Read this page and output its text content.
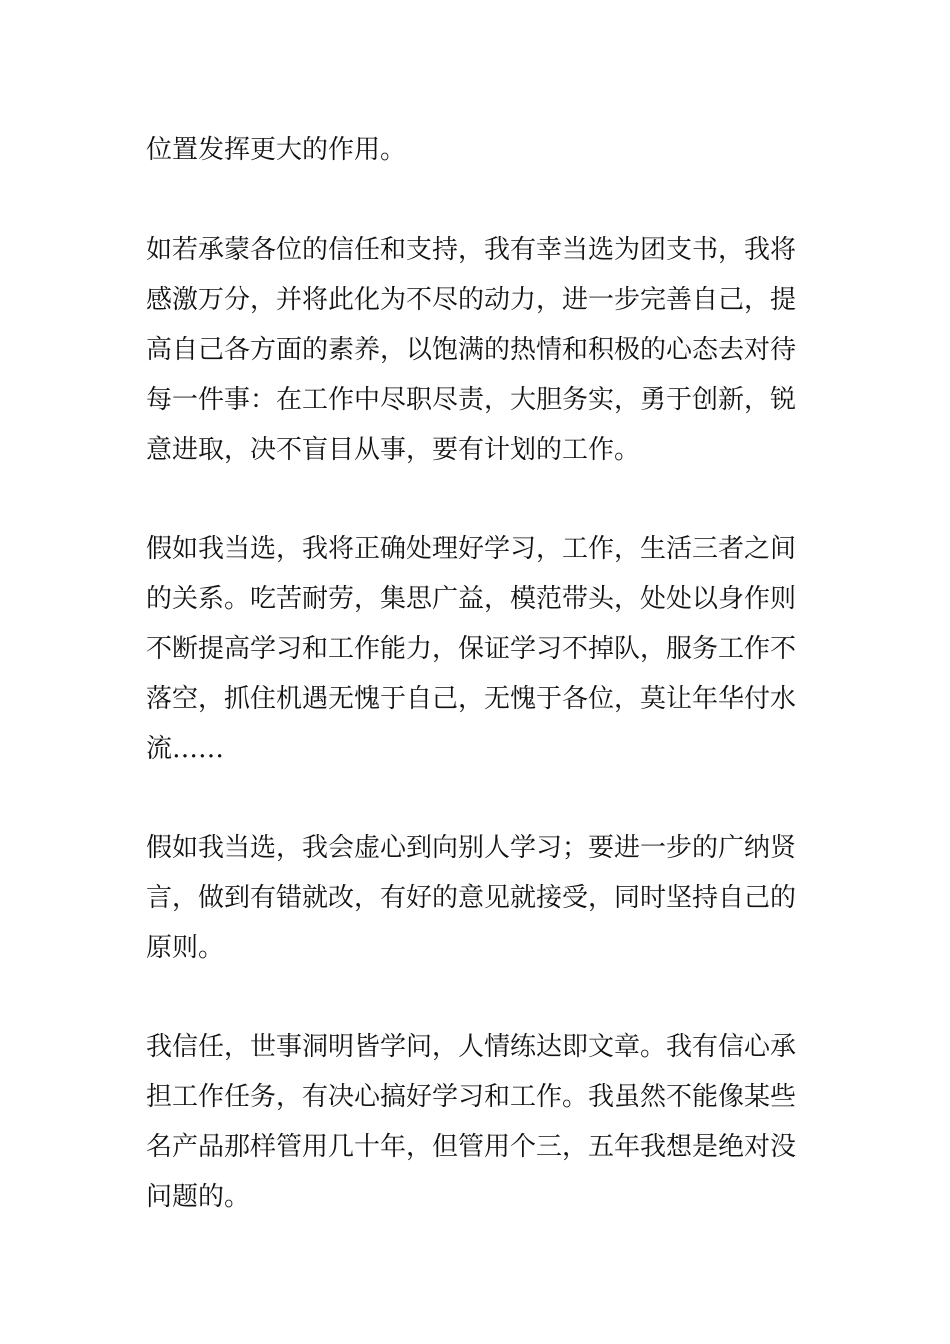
位置发挥更大的作用。
如若承蒙各位的信任和支持，我有幸当选为团支书，我将
感激万分，并将此化为不尽的动力，进一步完善自己，提
高自己各方面的素养，以饱满的热情和积极的心态去对待
每一件事：在工作中尽职尽责，大胆务实，勇于创新，锐
意进取，决不盲目从事，要有计划的工作。
假如我当选，我将正确处理好学习，工作，生活三者之间
的关系。吃苦耐劳，集思广益，模范带头，处处以身作则
不断提高学习和工作能力，保证学习不掉队，服务工作不
落空，抓住机遇无愧于自己，无愧于各位，莫让年华付水
流……
假如我当选，我会虚心到向别人学习；要进一步的广纳贤
言，做到有错就改，有好的意见就接受，同时坚持自己的
原则。
我信任，世事洞明皆学问，人情练达即文章。我有信心承
担工作任务，有决心搞好学习和工作。我虽然不能像某些
名产品那样管用几十年，但管用个三，五年我想是绝对没
问题的。
